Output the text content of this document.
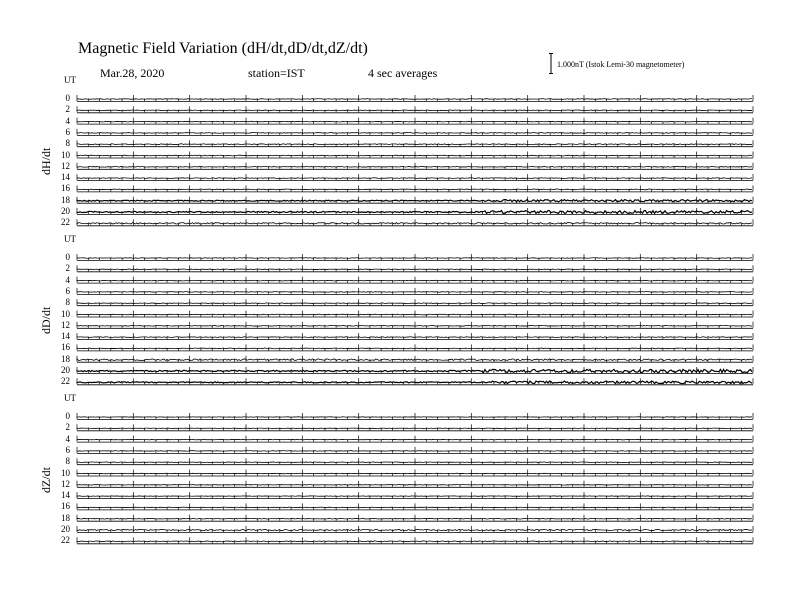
Magnetic Field Variation (dH/dt,dD/dt,dZ/dt)
Mar.28, 2020	station=IST	4 sec averages
1.000nT (Istok Lemi-30 magnetometer)
UT
dH/dt
0
2
4
6
8
10
12
14
16
18
20
22
UT
dD/dt
0
2
4
6
8
10
12
14
16
18
20
22
UT
dZ/dt
0
2
4
6
8
10
12
14
16
18
20
22
